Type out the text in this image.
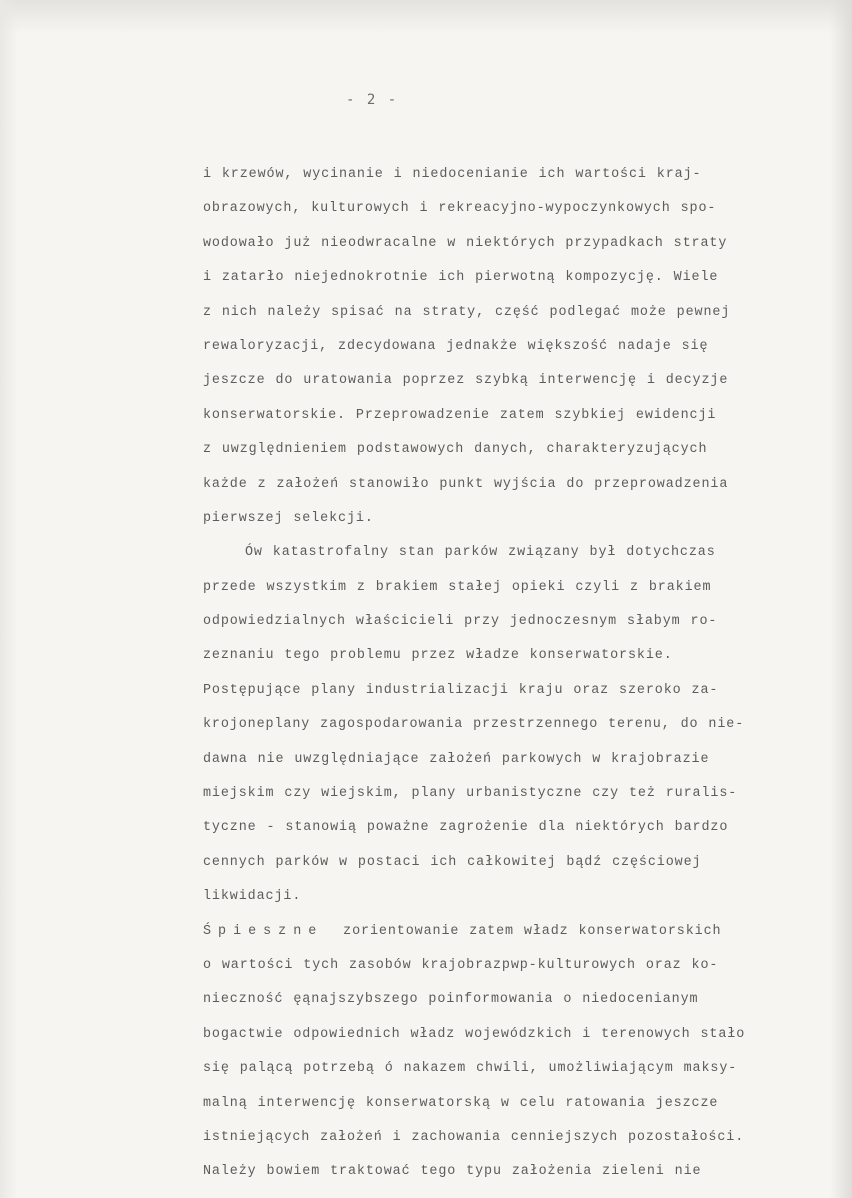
- 2 -
i krzewów, wycinanie i niedocenianie ich wartości kraj-
obrazowych, kulturowych i rekreacyjno-wypoczynkowych spo-
wodowało już nieodwracalne w niektórych przypadkach straty
i zatarło niejednokrotnie ich pierwotną kompozycję. Wiele
z nich należy spisać na straty, część podlegać może pewnej
rewaloryzacji, zdecydowana jednakże większość nadaje się
jeszcze do uratowania poprzez szybką interwencję i decyzje
konserwatorskie. Przeprowadzenie zatem szybkiej ewidencji
z uwzględnieniem podstawowych danych, charakteryzujących
każde z założeń stanowiło punkt wyjścia do przeprowadzenia
pierwszej selekcji.
Ów katastrofalny stan parków związany był dotychczas
przede wszystkim z brakiem stałej opieki czyli z brakiem
odpowiedzialnych właścicieli przy jednoczesnym słabym ro-
zeznaniu tego problemu przez władze konserwatorskie.
Postępujące plany industrializacji kraju oraz szeroko za-
krojoneplany zagospodarowania przestrzennego terenu, do nie-
dawna nie uwzględniające założeń parkowych w krajobrazie
miejskim czy wiejskim, plany urbanistyczne czy też ruralis-
tyczne - stanowią poważne zagrożenie dla niektórych bardzo
cennych parków w postaci ich całkowitej bądź częściowej
likwidacji.
Śpieszne zorientowanie zatem władz konserwatorskich
o wartości tych zasobów krajobrazpwp-kulturowych oraz ko-
nieczność ęąnajszybszego poinformowania o niedocenianym
bogactwie odpowiednich władz wojewódzkich i terenowych stało
się palącą potrzebą ó nakazem chwili, umożliwiającym maksy-
malną interwencję konserwatorską w celu ratowania jeszcze
istniejących założeń i zachowania cenniejszych pozostałości.
Należy bowiem traktować tego typu założenia zieleni nie
